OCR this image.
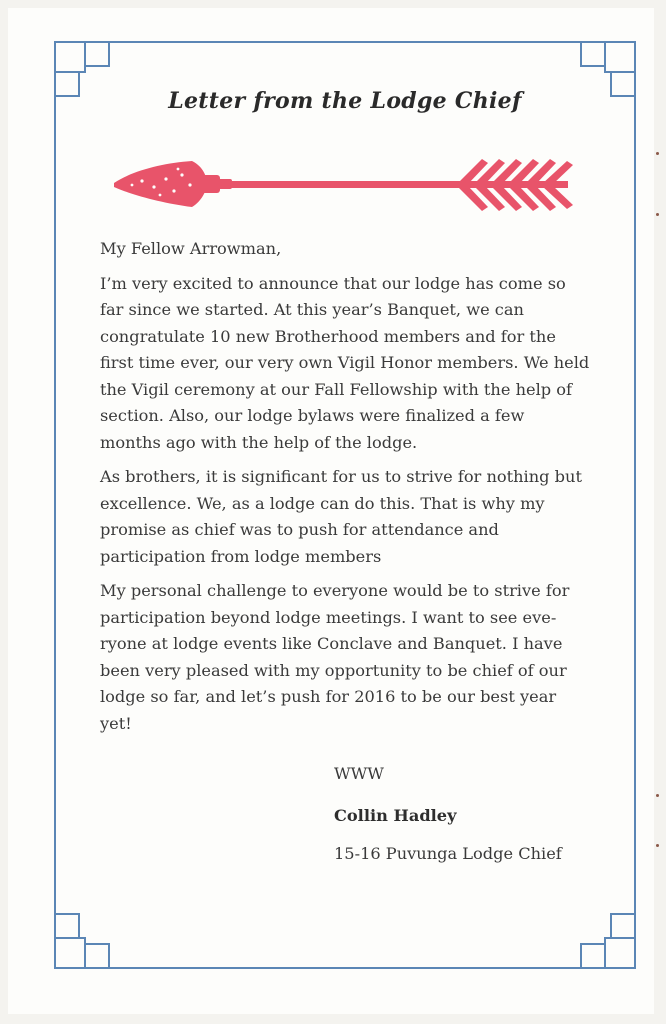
Letter from the Lodge Chief

My Fellow Arrowman,

I’m very excited to announce that our lodge has come so far since we started. At this year’s Banquet, we can congratulate 10 new Brotherhood members and for the first time ever, our very own Vigil Honor members. We held the Vigil ceremony at our Fall Fellowship with the help of section. Also, our lodge bylaws were finalized a few months ago with the help of the lodge.

As brothers, it is significant for us to strive for nothing but excellence. We, as a lodge can do this. That is why my promise as chief was to push for attendance and participation from lodge members

My personal challenge to everyone would be to strive for participation beyond lodge meetings. I want to see eve-ryone at lodge events like Conclave and Banquet. I have been very pleased with my opportunity to be chief of our lodge so far, and let’s push for 2016 to be our best year yet!

WWW
Collin Hadley
15-16 Puvunga Lodge Chief
